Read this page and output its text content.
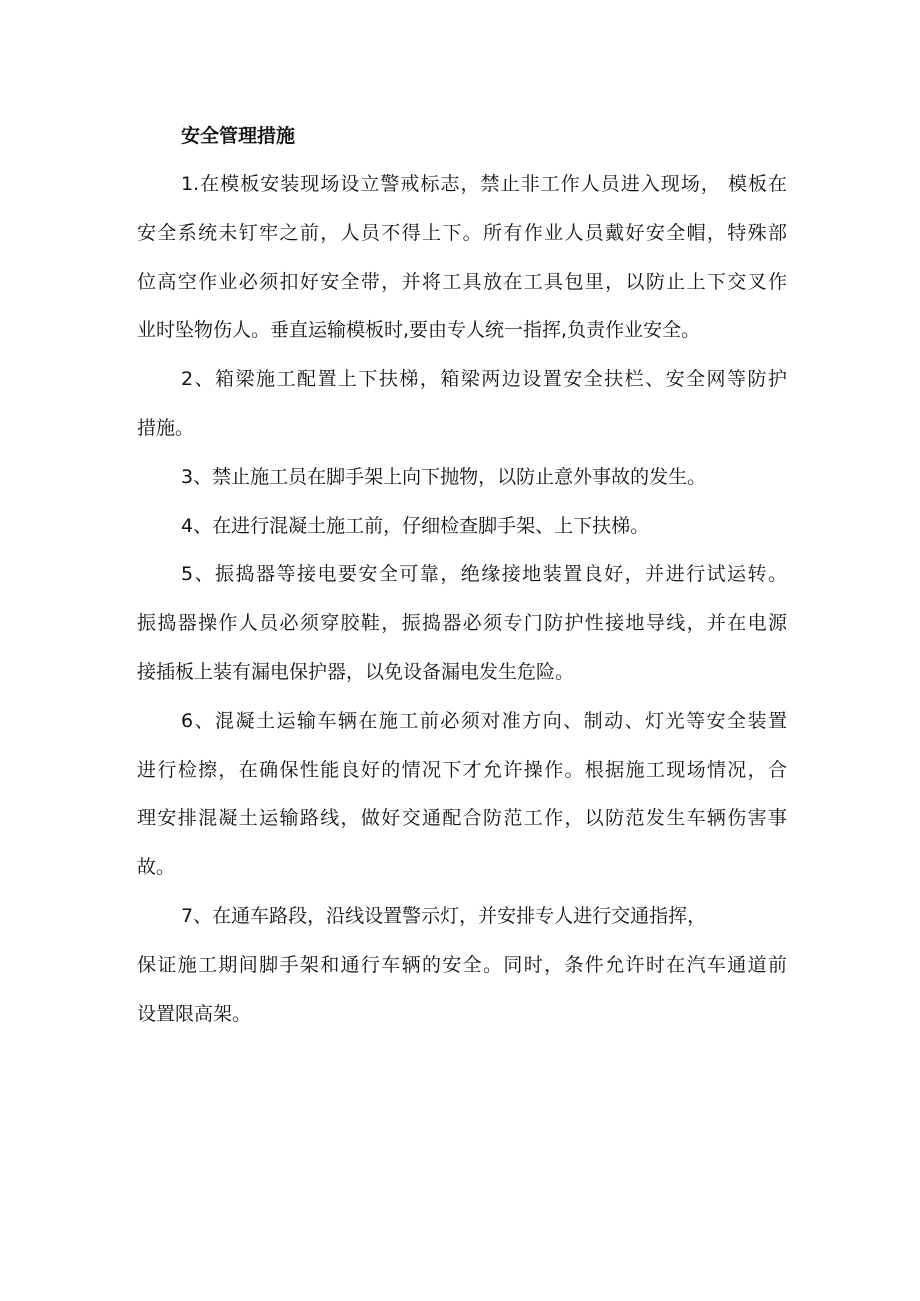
安全管理措施

1.在模板安装现场设立警戒标志，禁止非工作人员进入现场， 模板在

安全系统未钉牢之前，人员不得上下。所有作业人员戴好安全帽，特殊部

位高空作业必须扣好安全带，并将工具放在工具包里，以防止上下交叉作

业时坠物伤人。垂直运输模板时,要由专人统一指挥,负责作业安全。

2、箱梁施工配置上下扶梯，箱梁两边设置安全扶栏、安全网等防护

措施。

3、禁止施工员在脚手架上向下抛物，以防止意外事故的发生。

4、在进行混凝土施工前，仔细检查脚手架、上下扶梯。

5、振捣器等接电要安全可靠，绝缘接地装置良好，并进行试运转。

振捣器操作人员必须穿胶鞋，振捣器必须专门防护性接地导线，并在电源

接插板上装有漏电保护器，以免设备漏电发生危险。

6、混凝土运输车辆在施工前必须对准方向、制动、灯光等安全装置

进行检擦，在确保性能良好的情况下才允许操作。根据施工现场情况，合

理安排混凝土运输路线，做好交通配合防范工作，以防范发生车辆伤害事

故。

7、在通车路段，沿线设置警示灯，并安排专人进行交通指挥，

保证施工期间脚手架和通行车辆的安全。同时，条件允许时在汽车通道前

设置限高架。
